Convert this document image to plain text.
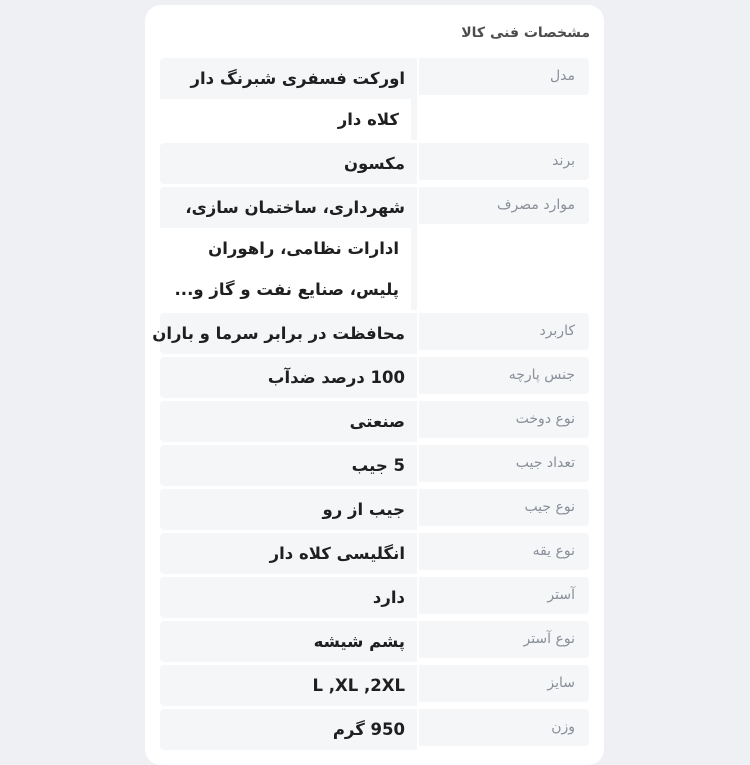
مشخصات فنی کالا
مدل
اورکت فسفری شبرنگ دار
کلاه دار
برند
مکسون
موارد مصرف
شهرداری، ساختمان سازی،
ادارات نظامی، راهوران
پلیس، صنایع نفت و گاز و...
کاربرد
محافظت در برابر سرما و باران
جنس پارچه
100 درصد ضدآب
نوع دوخت
صنعتی
تعداد جیب
5 جیب
نوع جیب
جیب از رو
نوع یقه
انگلیسی کلاه دار
آستر
دارد
نوع آستر
پشم شیشه
سایز
L ,XL ,2XL
وزن
950 گرم
